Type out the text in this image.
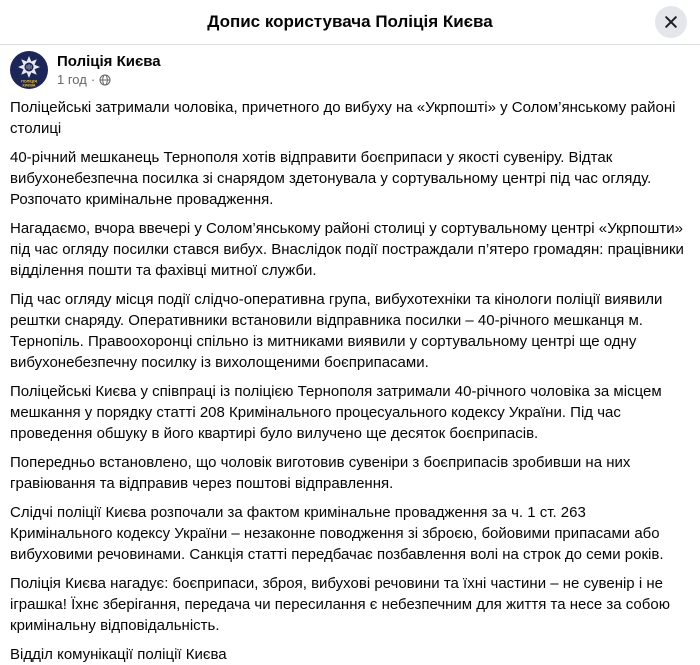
Допис користувача Поліція Києва
ПОЛІЦІЯ
КИЄВА
Поліція Києва
1 год ·

Поліцейські затримали чоловіка, причетного до вибуху на «Укрпошті» у Солом’янському районі столиці

40-річний мешканець Тернополя хотів відправити боєприпаси у якості сувеніру. Відтак вибухонебезпечна посилка зі снарядом здетонувала у сортувальному центрі під час огляду. Розпочато кримінальне провадження.

Нагадаємо, вчора ввечері у Солом’янському районі столиці у сортувальному центрі «Укрпошти» під час огляду посилки стався вибух. Внаслідок події постраждали п’ятеро громадян: працівники відділення пошти та фахівці митної служби.

Під час огляду місця події слідчо-оперативна група, вибухотехніки та кінологи поліції виявили рештки снаряду. Оперативники встановили відправника посилки – 40-річного мешканця м. Тернопіль. Правоохоронці спільно із митниками виявили у сортувальному центрі ще одну вибухонебезпечну посилку із вихолощеними боєприпасами.

Поліцейські Києва у співпраці із поліцією Тернополя затримали 40-річного чоловіка за місцем мешкання у порядку статті 208 Кримінального процесуального кодексу України. Під час проведення обшуку в його квартирі було вилучено ще десяток боєприпасів.

Попередньо встановлено, що чоловік виготовив сувеніри з боєприпасів зробивши на них гравіювання та відправив через поштові відправлення.

Слідчі поліції Києва розпочали за фактом кримінальне провадження за ч. 1 ст. 263 Кримінального кодексу України – незаконне поводження зі зброєю, бойовими припасами або вибуховими речовинами. Санкція статті передбачає позбавлення волі на строк до семи років.

Поліція Києва нагадує: боєприпаси, зброя, вибухові речовини та їхні частини – не сувенір і не іграшка! Їхнє зберігання, передача чи пересилання є небезпечним для життя та несе за собою кримінальну відповідальність.

Відділ комунікації поліції Києва
